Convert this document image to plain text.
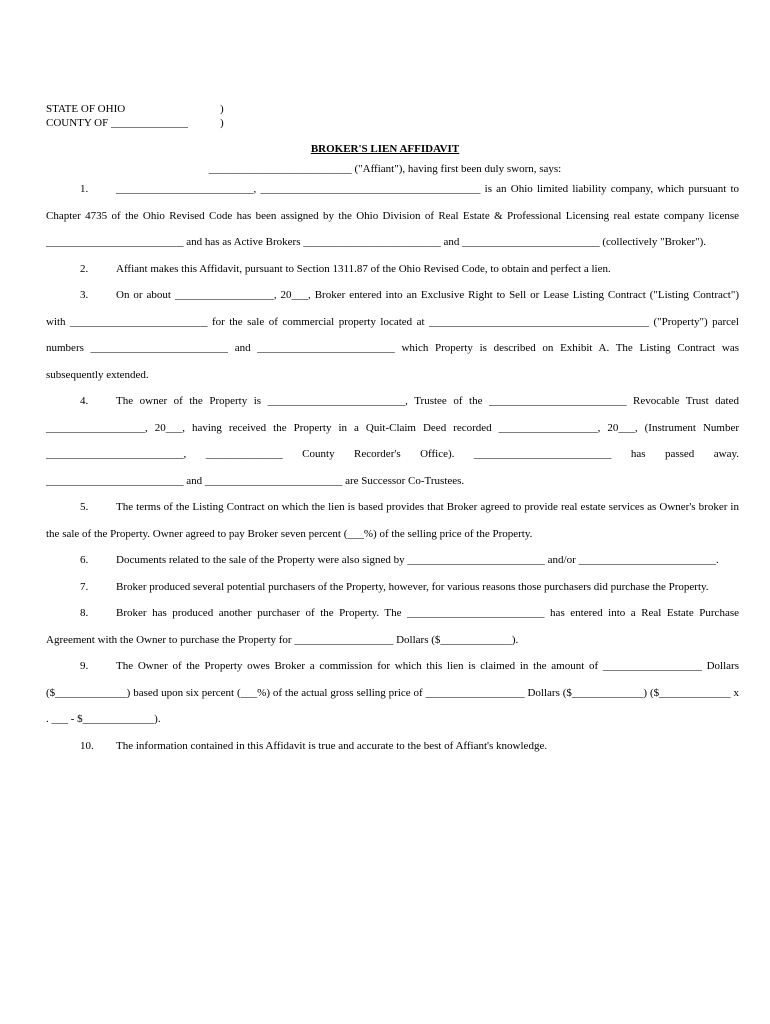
STATE OF OHIO	)
COUNTY OF ______________	)
BROKER'S LIEN AFFIDAVIT
__________________________ ("Affiant"), having first been duly sworn, says:

1.	_________________________, ________________________________________ is an Ohio limited liability company, which pursuant to Chapter 4735 of the Ohio Revised Code has been assigned by the Ohio Division of Real Estate & Professional Licensing real estate company license _________________________ and has as Active Brokers _________________________ and _________________________ (collectively "Broker").

2.	Affiant makes this Affidavit, pursuant to Section 1311.87 of the Ohio Revised Code, to obtain and perfect a lien.

3.	On or about __________________, 20___, Broker entered into an Exclusive Right to Sell or Lease Listing Contract ("Listing Contract") with _________________________ for the sale of commercial property located at ________________________________________ ("Property") parcel numbers _________________________ and _________________________ which Property is described on Exhibit A. The Listing Contract was subsequently extended.

4.	The owner of the Property is _________________________, Trustee of the _________________________ Revocable Trust dated __________________, 20___, having received the Property in a Quit-Claim Deed recorded __________________, 20___, (Instrument Number _________________________, ______________ County Recorder's Office). _________________________ has passed away. _________________________ and _________________________ are Successor Co-Trustees.

5.	The terms of the Listing Contract on which the lien is based provides that Broker agreed to provide real estate services as Owner's broker in the sale of the Property. Owner agreed to pay Broker seven percent (___%) of the selling price of the Property.

6.	Documents related to the sale of the Property were also signed by _________________________ and/or _________________________.

7.	Broker produced several potential purchasers of the Property, however, for various reasons those purchasers did purchase the Property.

8.	Broker has produced another purchaser of the Property. The _________________________ has entered into a Real Estate Purchase Agreement with the Owner to purchase the Property for __________________ Dollars ($_____________).

9.	The Owner of the Property owes Broker a commission for which this lien is claimed in the amount of __________________ Dollars ($_____________) based upon six percent (___%) of the actual gross selling price of __________________ Dollars ($_____________) ($_____________ x . ___ - $_____________).

10. The information contained in this Affidavit is true and accurate to the best of Affiant's knowledge.
